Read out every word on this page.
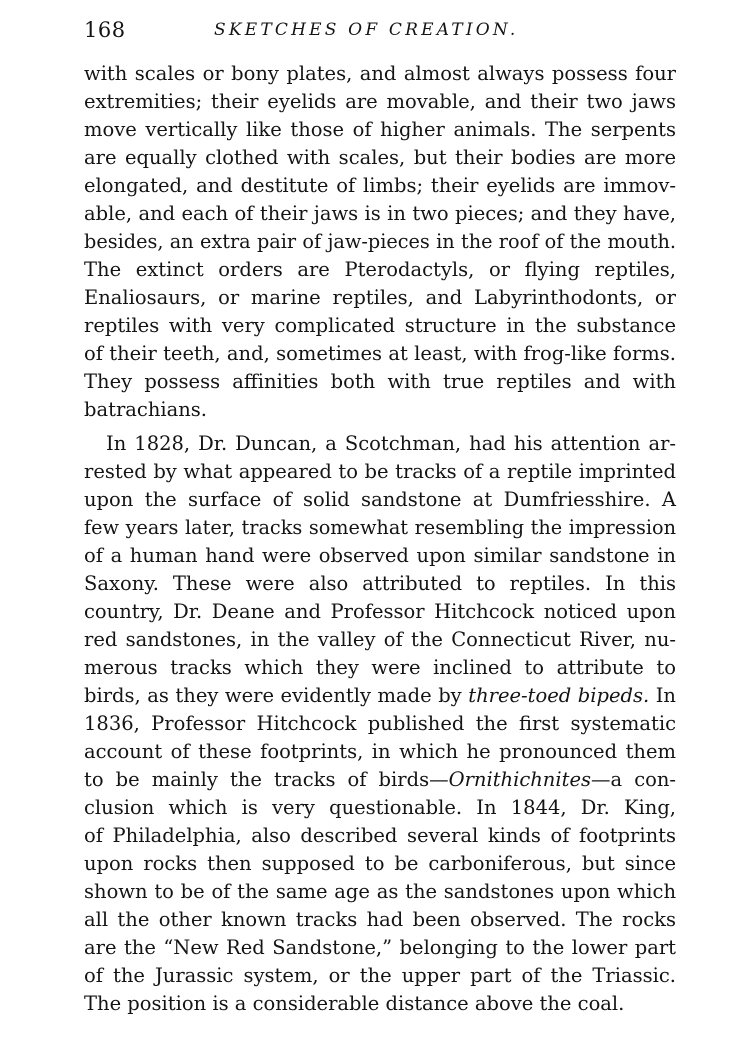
168	SKETCHES OF CREATION.
with scales or bony plates, and almost always possess four
extremities; their eyelids are movable, and their two jaws
move vertically like those of higher animals. The serpents
are equally clothed with scales, but their bodies are more
elongated, and destitute of limbs; their eyelids are immov-
able, and each of their jaws is in two pieces; and they have,
besides, an extra pair of jaw-pieces in the roof of the mouth.
The extinct orders are Pterodactyls, or flying reptiles,
Enaliosaurs, or marine reptiles, and Labyrinthodonts, or
reptiles with very complicated structure in the substance
of their teeth, and, sometimes at least, with frog-like forms.
They possess affinities both with true reptiles and with
batrachians.
In 1828, Dr. Duncan, a Scotchman, had his attention ar-
rested by what appeared to be tracks of a reptile imprinted
upon the surface of solid sandstone at Dumfriesshire. A
few years later, tracks somewhat resembling the impression
of a human hand were observed upon similar sandstone in
Saxony. These were also attributed to reptiles. In this
country, Dr. Deane and Professor Hitchcock noticed upon
red sandstones, in the valley of the Connecticut River, nu-
merous tracks which they were inclined to attribute to
birds, as they were evidently made by three-toed bipeds. In
1836, Professor Hitchcock published the first systematic
account of these footprints, in which he pronounced them
to be mainly the tracks of birds—Ornithichnites—a con-
clusion which is very questionable. In 1844, Dr. King,
of Philadelphia, also described several kinds of footprints
upon rocks then supposed to be carboniferous, but since
shown to be of the same age as the sandstones upon which
all the other known tracks had been observed. The rocks
are the “New Red Sandstone,” belonging to the lower part
of the Jurassic system, or the upper part of the Triassic.
The position is a considerable distance above the coal.
